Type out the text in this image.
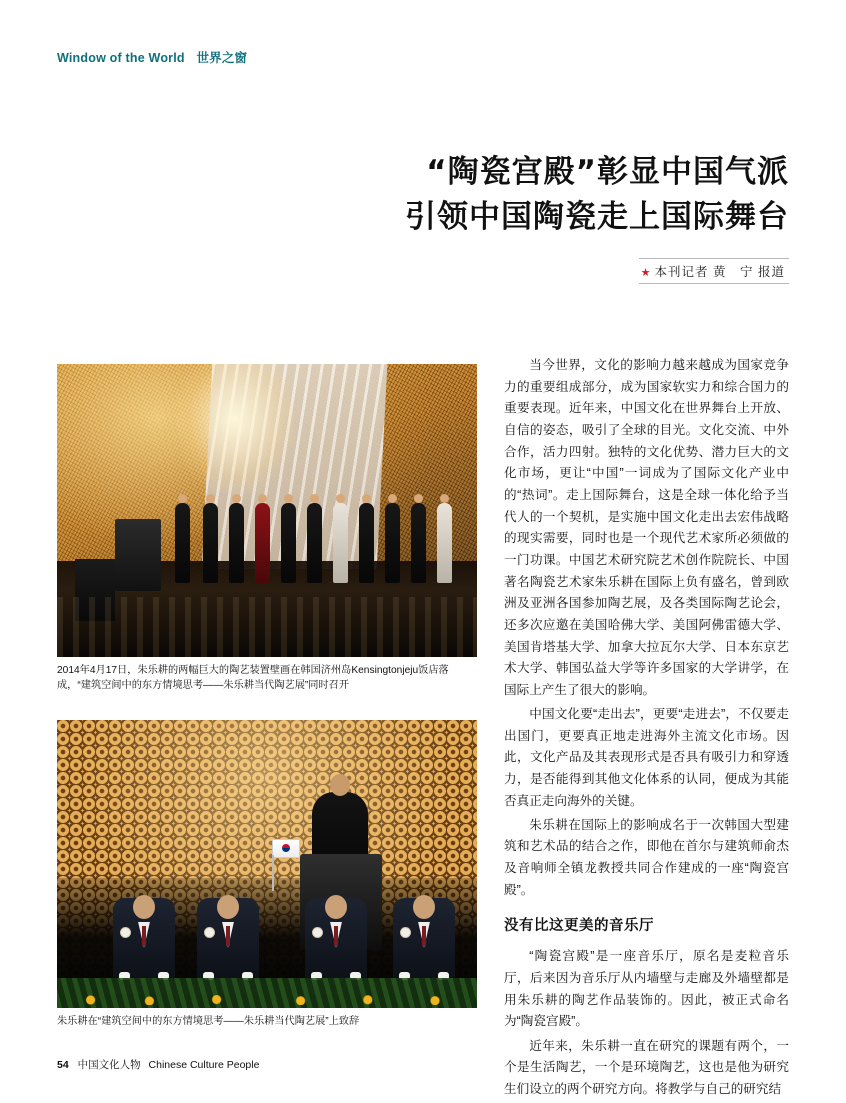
Window of the World 世界之窗
“陶瓷宫殿”彰显中国气派
引领中国陶瓷走上国际舞台
★ 本刊记者 黄　宁 报道
2014年4月17日，朱乐耕的两幅巨大的陶艺装置壁画在韩国济州岛Kensingtonjeju饭店落成，“建筑空间中的东方情境思考——朱乐耕当代陶艺展”同时召开
★
朱乐耕在“建筑空间中的东方情境思考——朱乐耕当代陶艺展”上致辞

当今世界，文化的影响力越来越成为国家竞争力的重要组成部分，成为国家软实力和综合国力的重要表现。近年来，中国文化在世界舞台上开放、自信的姿态，吸引了全球的目光。文化交流、中外合作，活力四射。独特的文化优势、潜力巨大的文化市场，更让“中国”一词成为了国际文化产业中的“热词”。走上国际舞台，这是全球一体化给予当代人的一个契机，是实施中国文化走出去宏伟战略的现实需要，同时也是一个现代艺术家所必须做的一门功课。中国艺术研究院艺术创作院院长、中国著名陶瓷艺术家朱乐耕在国际上负有盛名，曾到欧洲及亚洲各国参加陶艺展，及各类国际陶艺论会，还多次应邀在美国哈佛大学、美国阿佛雷德大学、美国肯塔基大学、加拿大拉瓦尔大学、日本东京艺术大学、韩国弘益大学等许多国家的大学讲学，在国际上产生了很大的影响。

中国文化要“走出去”，更要“走进去”，不仅要走出国门，更要真正地走进海外主流文化市场。因此，文化产品及其表现形式是否具有吸引力和穿透力，是否能得到其他文化体系的认同，便成为其能否真正走向海外的关键。

朱乐耕在国际上的影响成名于一次韩国大型建筑和艺术品的结合之作，即他在首尔与建筑师俞杰及音响师全镇龙教授共同合作建成的一座“陶瓷宫殿”。

没有比这更美的音乐厅

“陶瓷宫殿”是一座音乐厅，原名是麦粒音乐厅，后来因为音乐厅从内墙壁与走廊及外墙壁都是用朱乐耕的陶艺作品装饰的。因此，被正式命名为“陶瓷宫殿”。

近年来，朱乐耕一直在研究的课题有两个，一个是生活陶艺，一个是环境陶艺，这也是他为研究生们设立的两个研究方向。将教学与自己的研究结

54 中国文化人物 Chinese Culture People
